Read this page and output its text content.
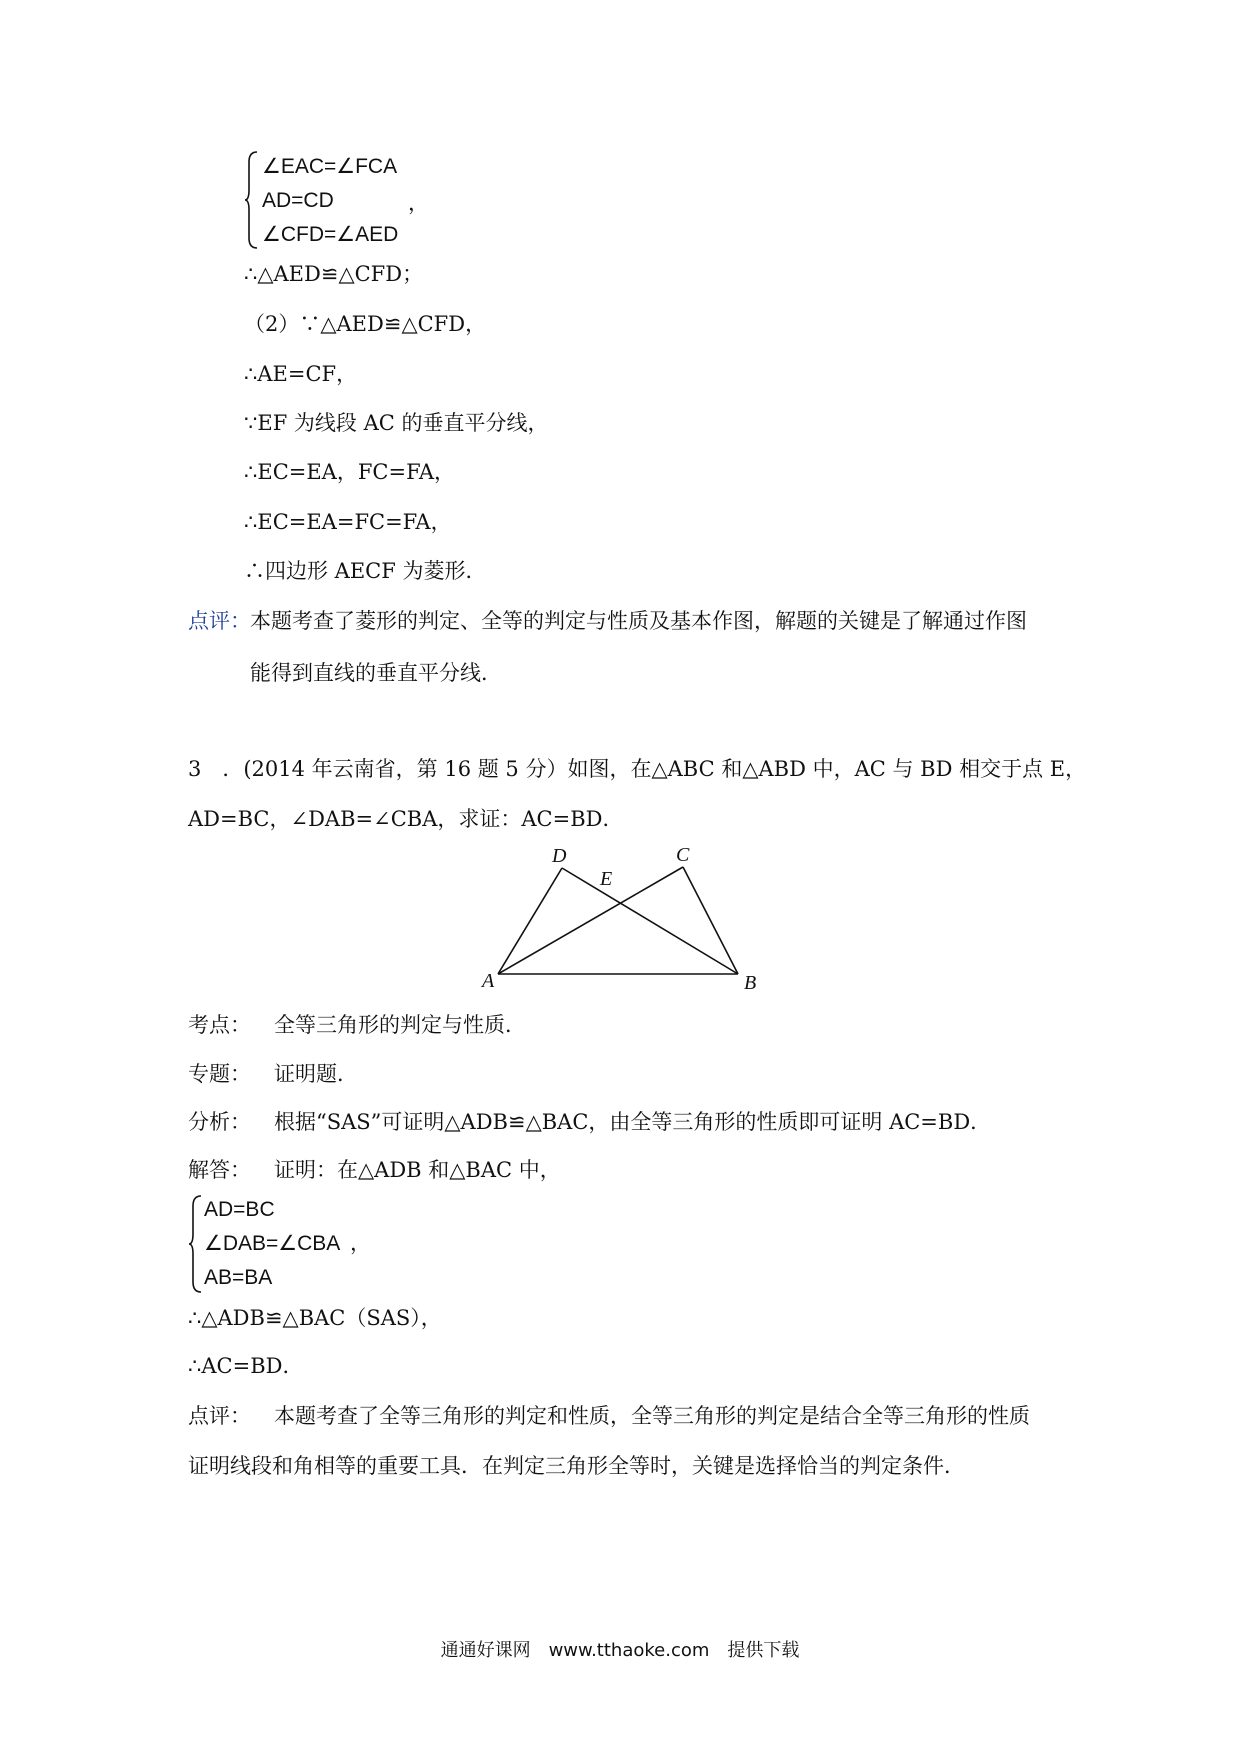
∠EAC=∠FCA
AD=CD	，
∠CFD=∠AED
∴△AED≌△CFD；
（2）∵△AED≌△CFD，
∴AE=CF，
∵EF 为线段 AC 的垂直平分线，
∴EC=EA，FC=FA，
∴EC=EA=FC=FA，
∴四边形 AECF 为菱形．
点评： 本题考查了菱形的判定、全等的判定与性质及基本作图，解题的关键是了解通过作图
能得到直线的垂直平分线．
3　．(2014 年云南省，第 16 题 5 分）如图，在△ABC 和△ABD 中，AC 与 BD 相交于点 E，
AD=BC，∠DAB=∠CBA，求证：AC=BD．
D	C
E
A	B
考点： 全等三角形的判定与性质．
专题： 证明题．
分析： 根据“SAS”可证明△ADB≌△BAC，由全等三角形的性质即可证明 AC=BD．
解答： 证明：在△ADB 和△BAC 中，
AD=BC
∠DAB=∠CBA ，
AB=BA
∴△ADB≌△BAC（SAS），
∴AC=BD．
点评： 本题考查了全等三角形的判定和性质，全等三角形的判定是结合全等三角形的性质
证明线段和角相等的重要工具．在判定三角形全等时，关键是选择恰当的判定条件．
通通好课网　www.tthaoke.com　提供下载
